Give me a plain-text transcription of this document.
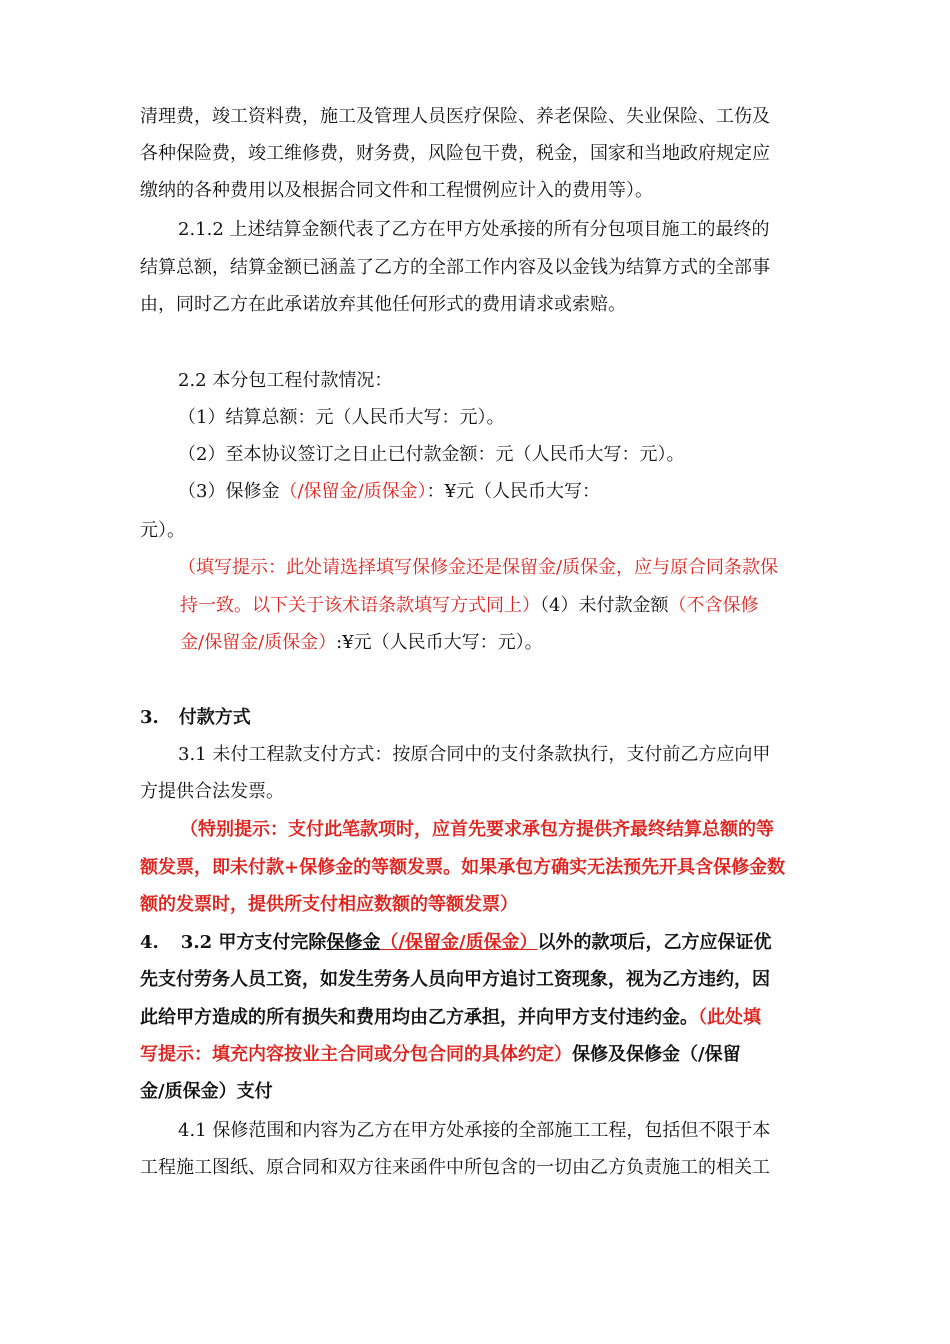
清理费，竣工资料费，施工及管理人员医疗保险、养老保险、失业保险、工伤及
各种保险费，竣工维修费，财务费，风险包干费，税金，国家和当地政府规定应
缴纳的各种费用以及根据合同文件和工程惯例应计入的费用等）。
2.1.2 上述结算金额代表了乙方在甲方处承接的所有分包项目施工的最终的
结算总额，结算金额已涵盖了乙方的全部工作内容及以金钱为结算方式的全部事
由，同时乙方在此承诺放弃其他任何形式的费用请求或索赔。
2.2 本分包工程付款情况：
（1）结算总额：元（人民币大写：元）。
（2）至本协议签订之日止已付款金额：元（人民币大写：元）。
（3）保修金（/保留金/质保金）：¥元（人民币大写：
元）。
（填写提示：此处请选择填写保修金还是保留金/质保金，应与原合同条款保
持一致。以下关于该术语条款填写方式同上）（4）未付款金额（不含保修
金/保留金/质保金）:¥元（人民币大写：元）。
3. 付款方式
3.1 未付工程款支付方式：按原合同中的支付条款执行，支付前乙方应向甲
方提供合法发票。
（特别提示：支付此笔款项时，应首先要求承包方提供齐最终结算总额的等
额发票，即未付款+保修金的等额发票。如果承包方确实无法预先开具含保修金数
额的发票时，提供所支付相应数额的等额发票）
4. 3.2 甲方支付完除保修金（/保留金/质保金）以外的款项后，乙方应保证优
先支付劳务人员工资，如发生劳务人员向甲方追讨工资现象，视为乙方违约，因
此给甲方造成的所有损失和费用均由乙方承担，并向甲方支付违约金。（此处填
写提示：填充内容按业主合同或分包合同的具体约定）保修及保修金（/保留
金/质保金）支付
4.1 保修范围和内容为乙方在甲方处承接的全部施工工程，包括但不限于本
工程施工图纸、原合同和双方往来函件中所包含的一切由乙方负责施工的相关工
